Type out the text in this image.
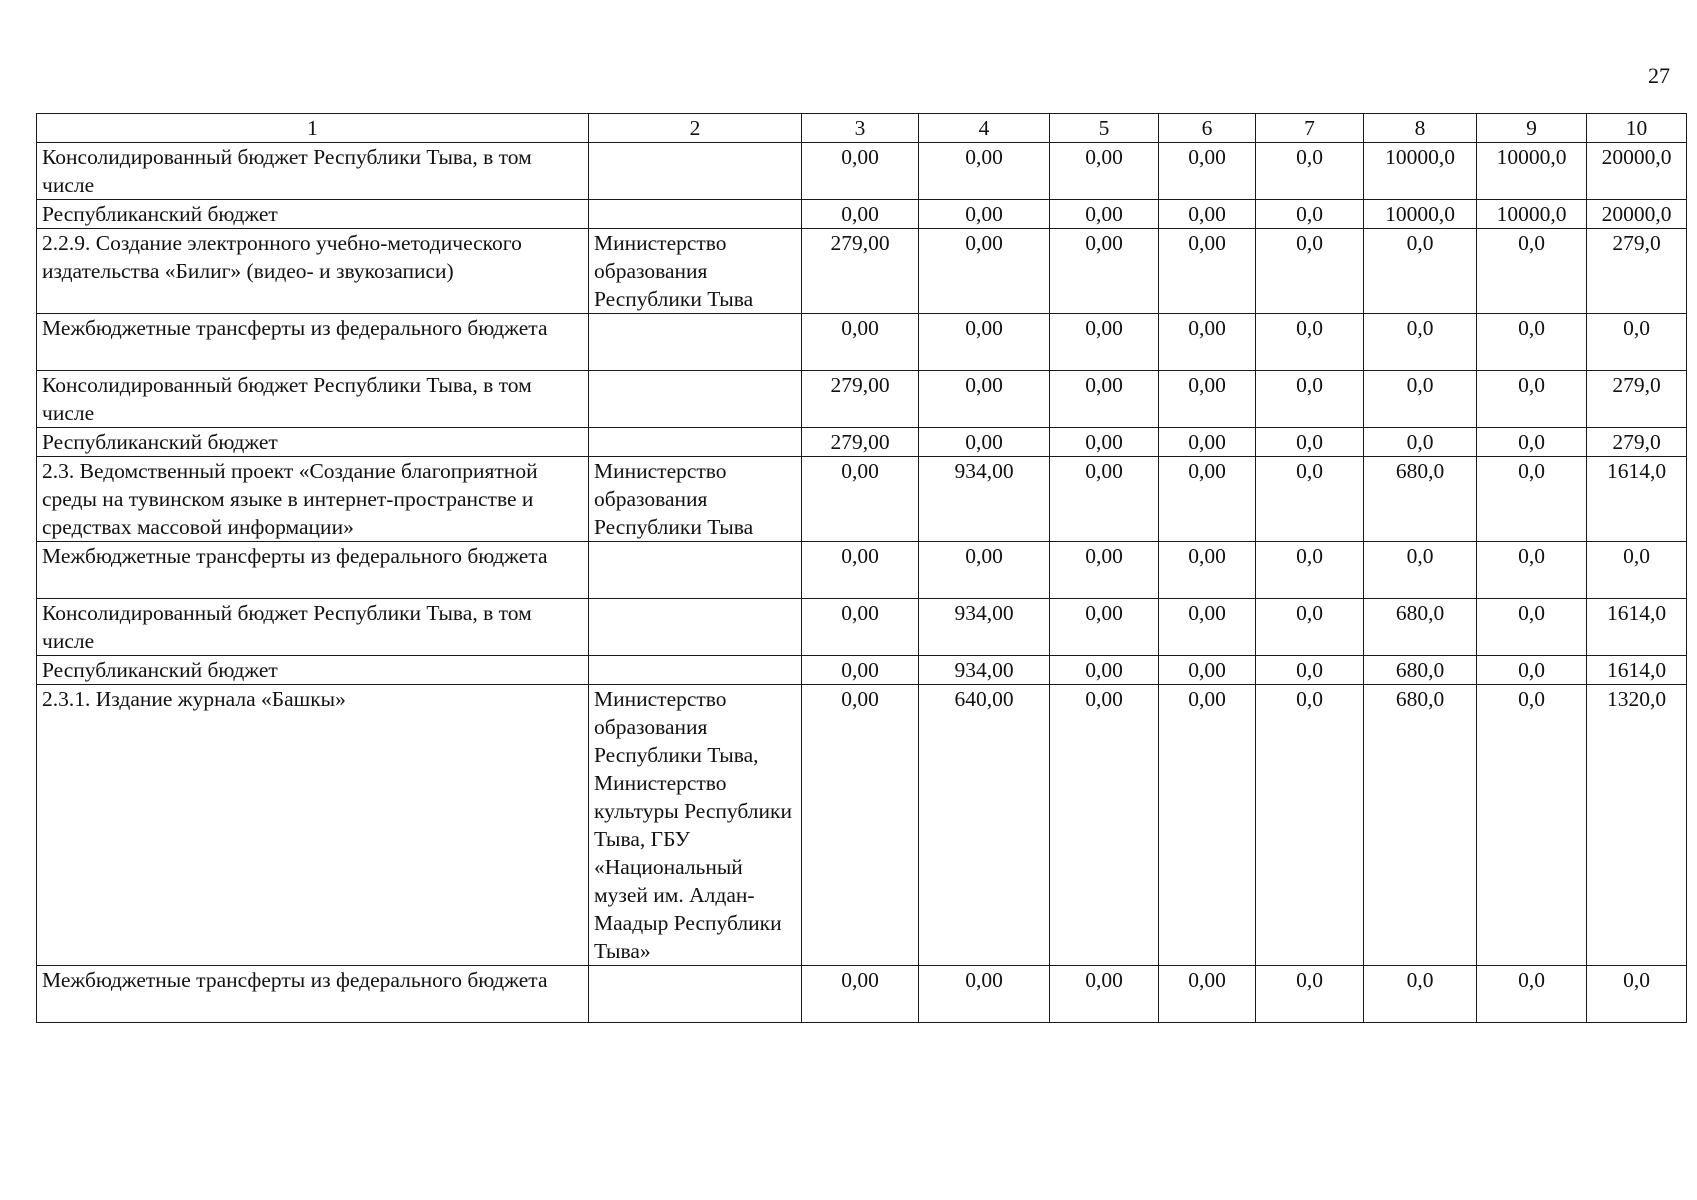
27
1	2	3	4	5	6	7	8	9	10
Консолидированный бюджет Республики Тыва, в том числе		0,00	0,00	0,00	0,00	0,0	10000,0	10000,0	20000,0
Республиканский бюджет		0,00	0,00	0,00	0,00	0,0	10000,0	10000,0	20000,0
2.2.9. Создание электронного учебно-методического издательства «Билиг» (видео- и звукозаписи)	Министерство образования Республики Тыва	279,00	0,00	0,00	0,00	0,0	0,0	0,0	279,0
Межбюджетные трансферты из федерального бюджета		0,00	0,00	0,00	0,00	0,0	0,0	0,0	0,0
Консолидированный бюджет Республики Тыва, в том числе		279,00	0,00	0,00	0,00	0,0	0,0	0,0	279,0
Республиканский бюджет		279,00	0,00	0,00	0,00	0,0	0,0	0,0	279,0
2.3. Ведомственный проект «Создание благоприятной среды на тувинском языке в интернет-пространстве и средствах массовой информации»	Министерство образования Республики Тыва	0,00	934,00	0,00	0,00	0,0	680,0	0,0	1614,0
Межбюджетные трансферты из федерального бюджета		0,00	0,00	0,00	0,00	0,0	0,0	0,0	0,0
Консолидированный бюджет Республики Тыва, в том числе		0,00	934,00	0,00	0,00	0,0	680,0	0,0	1614,0
Республиканский бюджет		0,00	934,00	0,00	0,00	0,0	680,0	0,0	1614,0
2.3.1. Издание журнала «Башкы»	Министерство образования Республики Тыва, Министерство культуры Республики Тыва, ГБУ «Национальный музей им. Алдан-Маадыр Республики Тыва»	0,00	640,00	0,00	0,00	0,0	680,0	0,0	1320,0
Межбюджетные трансферты из федерального бюджета		0,00	0,00	0,00	0,00	0,0	0,0	0,0	0,0
